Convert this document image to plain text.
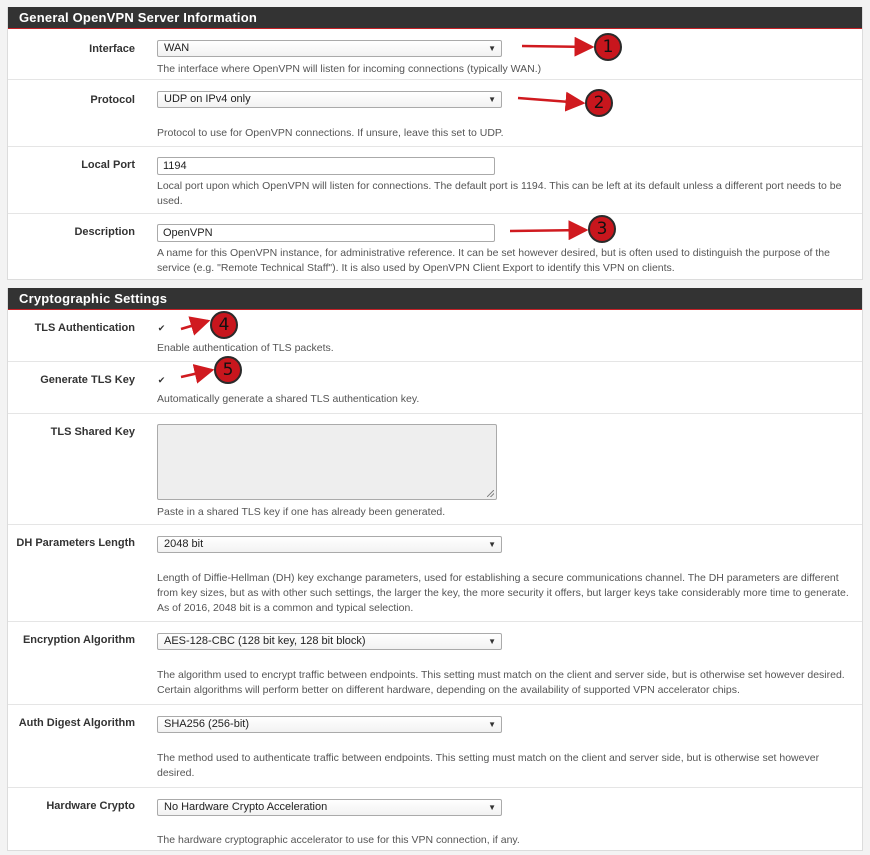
General OpenVPN Server Information
Interface	WAN	▼
The interface where OpenVPN will listen for incoming connections (typically WAN.)
Protocol	UDP on IPv4 only	▼
Protocol to use for OpenVPN connections. If unsure, leave this set to UDP.
Local Port	1194
Local port upon which OpenVPN will listen for connections. The default port is 1194. This can be left at its default unless a different port needs to be used.
Description	OpenVPN
A name for this OpenVPN instance, for administrative reference. It can be set however desired, but is often used to distinguish the purpose of the service (e.g. "Remote Technical Staff"). It is also used by OpenVPN Client Export to identify this VPN on clients.
Cryptographic Settings
TLS Authentication	✔
Enable authentication of TLS packets.
Generate TLS Key	✔
Automatically generate a shared TLS authentication key.
TLS Shared Key
Paste in a shared TLS key if one has already been generated.
DH Parameters Length	2048 bit	▼
Length of Diffie-Hellman (DH) key exchange parameters, used for establishing a secure communications channel. The DH parameters are different from key sizes, but as with other such settings, the larger the key, the more security it offers, but larger keys take considerably more time to generate. As of 2016, 2048 bit is a common and typical selection.
Encryption Algorithm	AES-128-CBC (128 bit key, 128 bit block)	▼
The algorithm used to encrypt traffic between endpoints. This setting must match on the client and server side, but is otherwise set however desired. Certain algorithms will perform better on different hardware, depending on the availability of supported VPN accelerator chips.
Auth Digest Algorithm	SHA256 (256-bit)	▼
The method used to authenticate traffic between endpoints. This setting must match on the client and server side, but is otherwise set however desired.
Hardware Crypto	No Hardware Crypto Acceleration	▼
The hardware cryptographic accelerator to use for this VPN connection, if any.
1
2
3
4
5
